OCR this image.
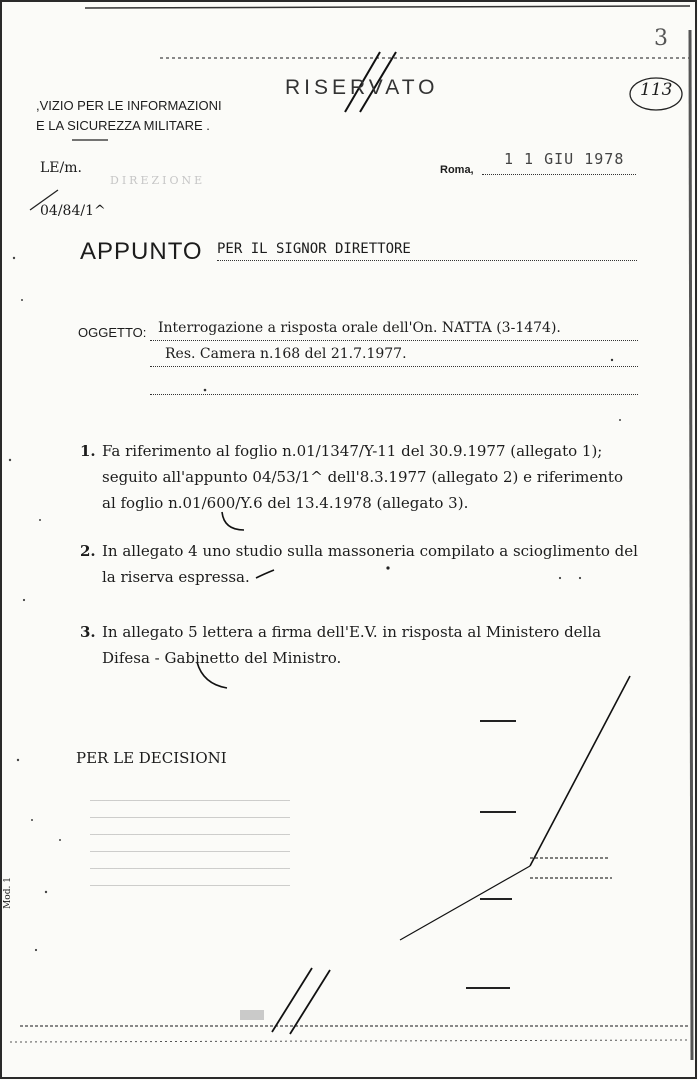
113
3
RISERVATO
,VIZIO PER LE INFORMAZIONI
E LA SICUREZZA MILITARE .
LE/m.
DIREZIONE
04/84/1^
Roma,
1 1 GIU 1978
APPUNTO PER IL SIGNOR DIRETTORE
OGGETTO: Interrogazione a risposta orale dell'On. NATTA (3-1474).
Res. Camera n.168 del 21.7.1977.
1. Fa riferimento al foglio n.01/1347/Y-11 del 30.9.1977 (allegato 1);
seguito all'appunto 04/53/1^ dell'8.3.1977 (allegato 2) e riferimento
al foglio n.01/600/Y.6 del 13.4.1978 (allegato 3).
2. In allegato 4 uno studio sulla massoneria compilato a scioglimento del
la riserva espressa.
3. In allegato 5 lettera a firma dell'E.V. in risposta al Ministero della
Difesa - Gabinetto del Ministro.
PER LE DECISIONI
Mod. 1
